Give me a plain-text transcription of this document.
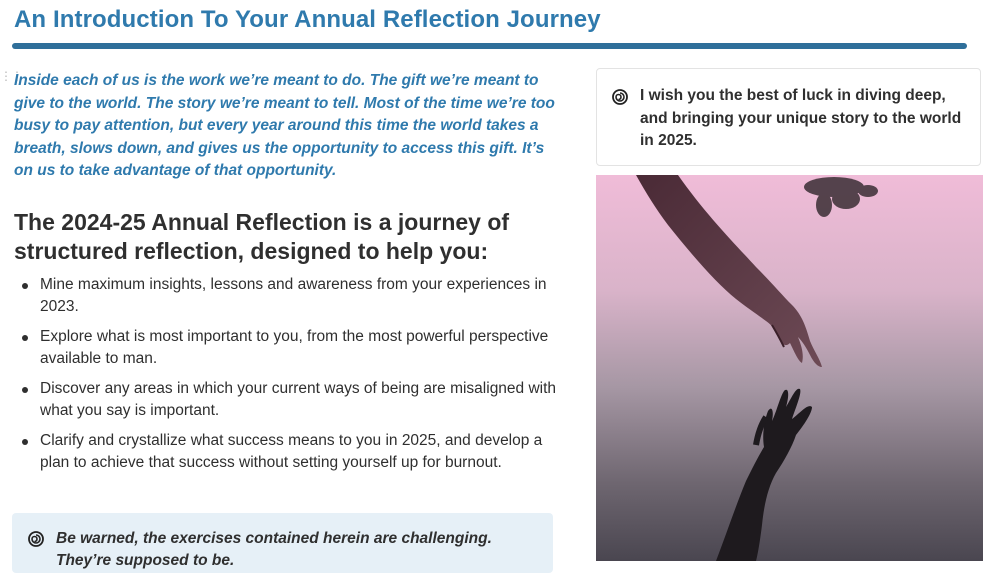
An Introduction To Your Annual Reflection Journey
⋮⋮

Inside each of us is the work we’re meant to do. The gift we’re meant to give to the world. The story we’re meant to tell. Most of the time we’re too busy to pay attention, but every year around this time the world takes a breath, slows down, and gives us the opportunity to access this gift. It’s on us to take advantage of that opportunity.

The 2024-25 Annual Reflection is a journey of structured reflection, designed to help you:
Mine maximum insights, lessons and awareness from your experiences in 2023.
Explore what is most important to you, from the most powerful perspective available to man.
Discover any areas in which your current ways of being are misaligned with what you say is important.
Clarify and crystallize what success means to you in 2025, and develop a plan to achieve that success without setting yourself up for burnout.
Be warned, the exercises contained herein are challenging. They’re supposed to be.
I wish you the best of luck in diving deep, and bringing your unique story to the world in 2025.
